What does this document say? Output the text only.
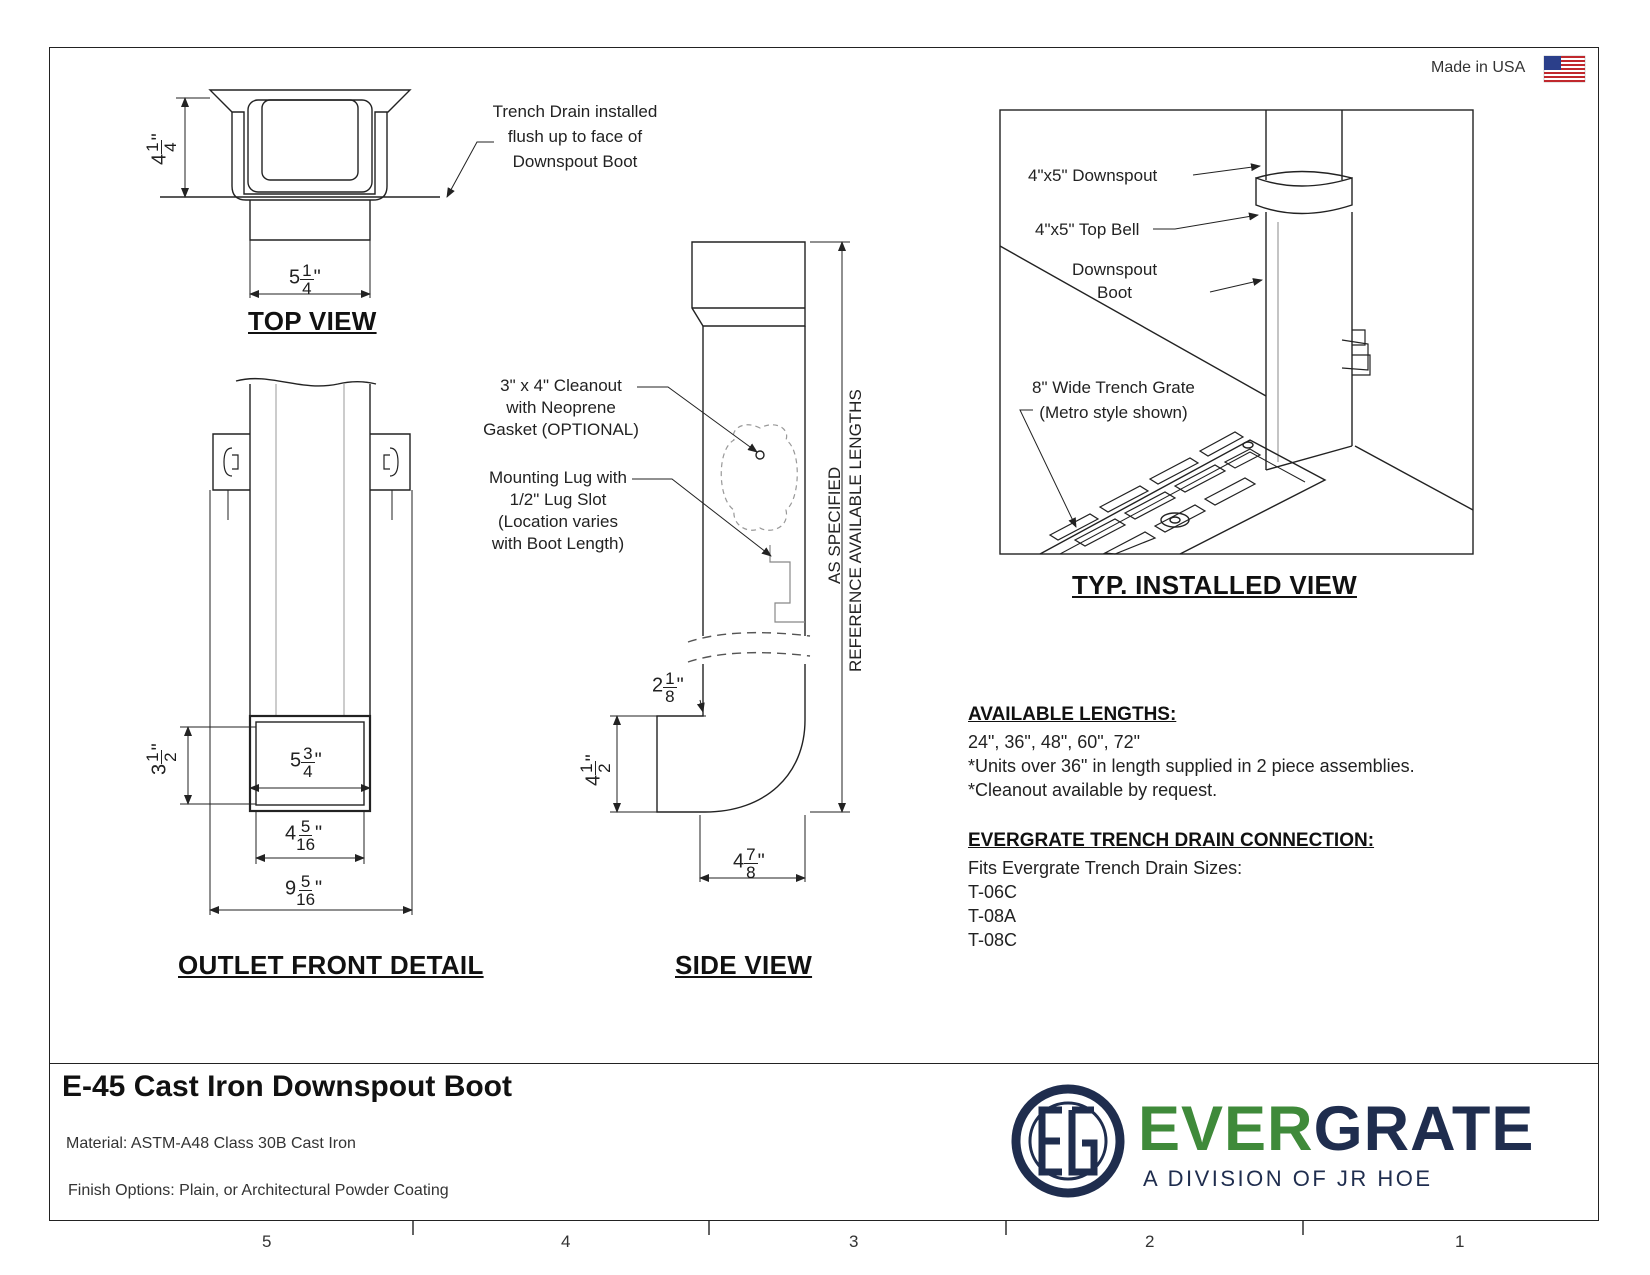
Made in USA
Trench Drain installed
flush up to face of
Downspout Boot
4
1 4
"
$5 \frac{1}{4}$ "
TOP VIEW
3
1 2
"
$5 \frac{3}{4}$ "
$4 \frac{5}{16}$ "
$9 \frac{5}{16}$ "
OUTLET FRONT DETAIL
3" x 4" Cleanout
with Neoprene
Gasket (OPTIONAL)
Mounting Lug with
1/2" Lug Slot
(Location varies
with Boot Length)	AS SPECIFIED REFERENCE AVAILABLE LENGTHS
$2 \frac{1}{8}$ "
4
1 2
"
$4 \frac{7}{8}$ "
SIDE VIEW
4"x5" Downspout
4"x5" Top Bell
Downspout
Boot
8" Wide Trench Grate
(Metro style shown)
TYP. INSTALLED VIEW
AVAILABLE LENGTHS:
24", 36", 48", 60", 72"
*Units over 36" in length supplied in 2 piece assemblies.
*Cleanout available by request.
EVERGRATE TRENCH DRAIN CONNECTION:
Fits Evergrate Trench Drain Sizes:
T-06C
T-08A
T-08C
E-45 Cast Iron Downspout Boot
Material: ASTM-A48 Class 30B Cast Iron
Finish Options: Plain, or Architectural Powder Coating
EVERGRATE
A DIVISION OF JR HOE
5	4	3	2	1
